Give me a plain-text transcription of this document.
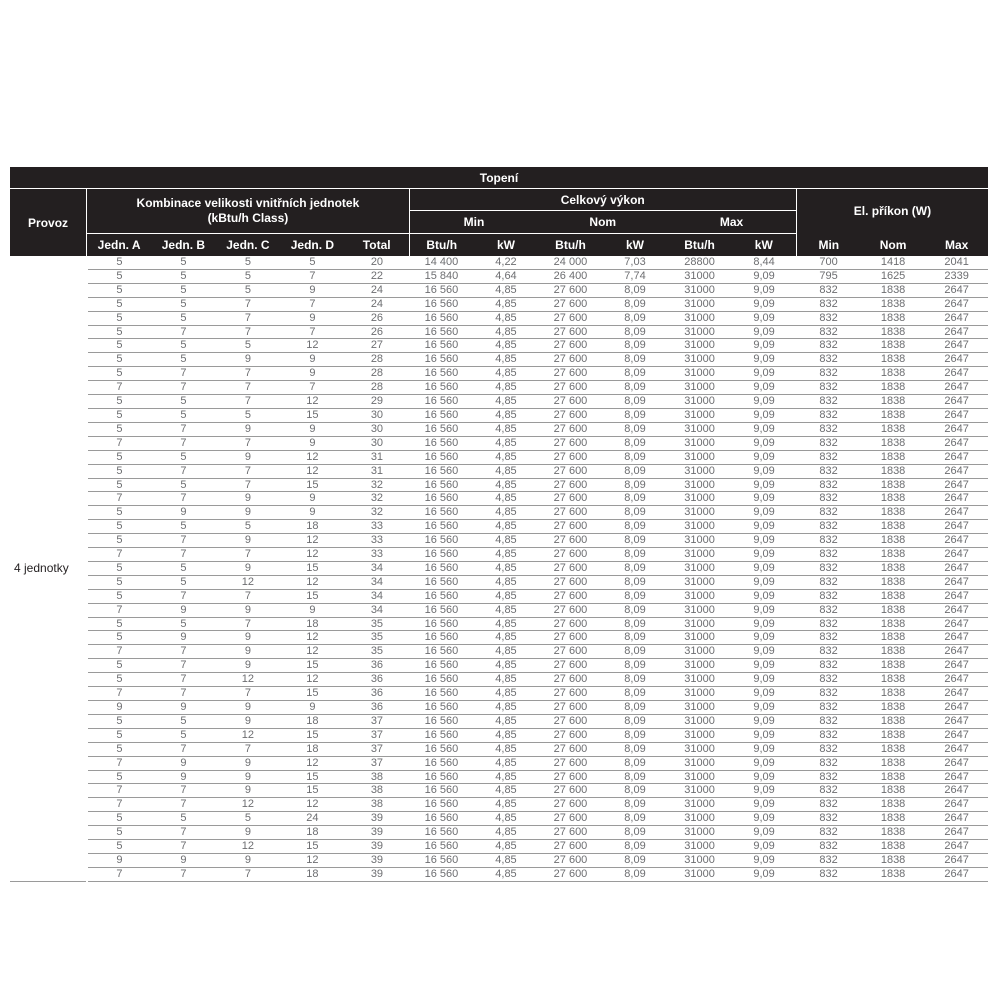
Topení														
Provoz	Kombinace velikosti vnitřních jednotek
(kBtu/h Class)					Celkový výkon						El. příkon (W)		
						Min		Nom		Max				
	Jedn. A	Jedn. B	Jedn. C	Jedn. D	Total	Btu/h	kW	Btu/h	kW	Btu/h	kW	Min	Nom	Max
4 jednotky	5	5	5	5	20	14 400	4,22	24 000	7,03	28800	8,44	700	1418	2041
	5	5	5	7	22	15 840	4,64	26 400	7,74	31000	9,09	795	1625	2339
	5	5	5	9	24	16 560	4,85	27 600	8,09	31000	9,09	832	1838	2647
	5	5	7	7	24	16 560	4,85	27 600	8,09	31000	9,09	832	1838	2647
	5	5	7	9	26	16 560	4,85	27 600	8,09	31000	9,09	832	1838	2647
	5	7	7	7	26	16 560	4,85	27 600	8,09	31000	9,09	832	1838	2647
	5	5	5	12	27	16 560	4,85	27 600	8,09	31000	9,09	832	1838	2647
	5	5	9	9	28	16 560	4,85	27 600	8,09	31000	9,09	832	1838	2647
	5	7	7	9	28	16 560	4,85	27 600	8,09	31000	9,09	832	1838	2647
	7	7	7	7	28	16 560	4,85	27 600	8,09	31000	9,09	832	1838	2647
	5	5	7	12	29	16 560	4,85	27 600	8,09	31000	9,09	832	1838	2647
	5	5	5	15	30	16 560	4,85	27 600	8,09	31000	9,09	832	1838	2647
	5	7	9	9	30	16 560	4,85	27 600	8,09	31000	9,09	832	1838	2647
	7	7	7	9	30	16 560	4,85	27 600	8,09	31000	9,09	832	1838	2647
	5	5	9	12	31	16 560	4,85	27 600	8,09	31000	9,09	832	1838	2647
	5	7	7	12	31	16 560	4,85	27 600	8,09	31000	9,09	832	1838	2647
	5	5	7	15	32	16 560	4,85	27 600	8,09	31000	9,09	832	1838	2647
	7	7	9	9	32	16 560	4,85	27 600	8,09	31000	9,09	832	1838	2647
	5	9	9	9	32	16 560	4,85	27 600	8,09	31000	9,09	832	1838	2647
	5	5	5	18	33	16 560	4,85	27 600	8,09	31000	9,09	832	1838	2647
	5	7	9	12	33	16 560	4,85	27 600	8,09	31000	9,09	832	1838	2647
	7	7	7	12	33	16 560	4,85	27 600	8,09	31000	9,09	832	1838	2647
	5	5	9	15	34	16 560	4,85	27 600	8,09	31000	9,09	832	1838	2647
	5	5	12	12	34	16 560	4,85	27 600	8,09	31000	9,09	832	1838	2647
	5	7	7	15	34	16 560	4,85	27 600	8,09	31000	9,09	832	1838	2647
	7	9	9	9	34	16 560	4,85	27 600	8,09	31000	9,09	832	1838	2647
	5	5	7	18	35	16 560	4,85	27 600	8,09	31000	9,09	832	1838	2647
	5	9	9	12	35	16 560	4,85	27 600	8,09	31000	9,09	832	1838	2647
	7	7	9	12	35	16 560	4,85	27 600	8,09	31000	9,09	832	1838	2647
	5	7	9	15	36	16 560	4,85	27 600	8,09	31000	9,09	832	1838	2647
	5	7	12	12	36	16 560	4,85	27 600	8,09	31000	9,09	832	1838	2647
	7	7	7	15	36	16 560	4,85	27 600	8,09	31000	9,09	832	1838	2647
	9	9	9	9	36	16 560	4,85	27 600	8,09	31000	9,09	832	1838	2647
	5	5	9	18	37	16 560	4,85	27 600	8,09	31000	9,09	832	1838	2647
	5	5	12	15	37	16 560	4,85	27 600	8,09	31000	9,09	832	1838	2647
	5	7	7	18	37	16 560	4,85	27 600	8,09	31000	9,09	832	1838	2647
	7	9	9	12	37	16 560	4,85	27 600	8,09	31000	9,09	832	1838	2647
	5	9	9	15	38	16 560	4,85	27 600	8,09	31000	9,09	832	1838	2647
	7	7	9	15	38	16 560	4,85	27 600	8,09	31000	9,09	832	1838	2647
	7	7	12	12	38	16 560	4,85	27 600	8,09	31000	9,09	832	1838	2647
	5	5	5	24	39	16 560	4,85	27 600	8,09	31000	9,09	832	1838	2647
	5	7	9	18	39	16 560	4,85	27 600	8,09	31000	9,09	832	1838	2647
	5	7	12	15	39	16 560	4,85	27 600	8,09	31000	9,09	832	1838	2647
	9	9	9	12	39	16 560	4,85	27 600	8,09	31000	9,09	832	1838	2647
	7	7	7	18	39	16 560	4,85	27 600	8,09	31000	9,09	832	1838	2647
